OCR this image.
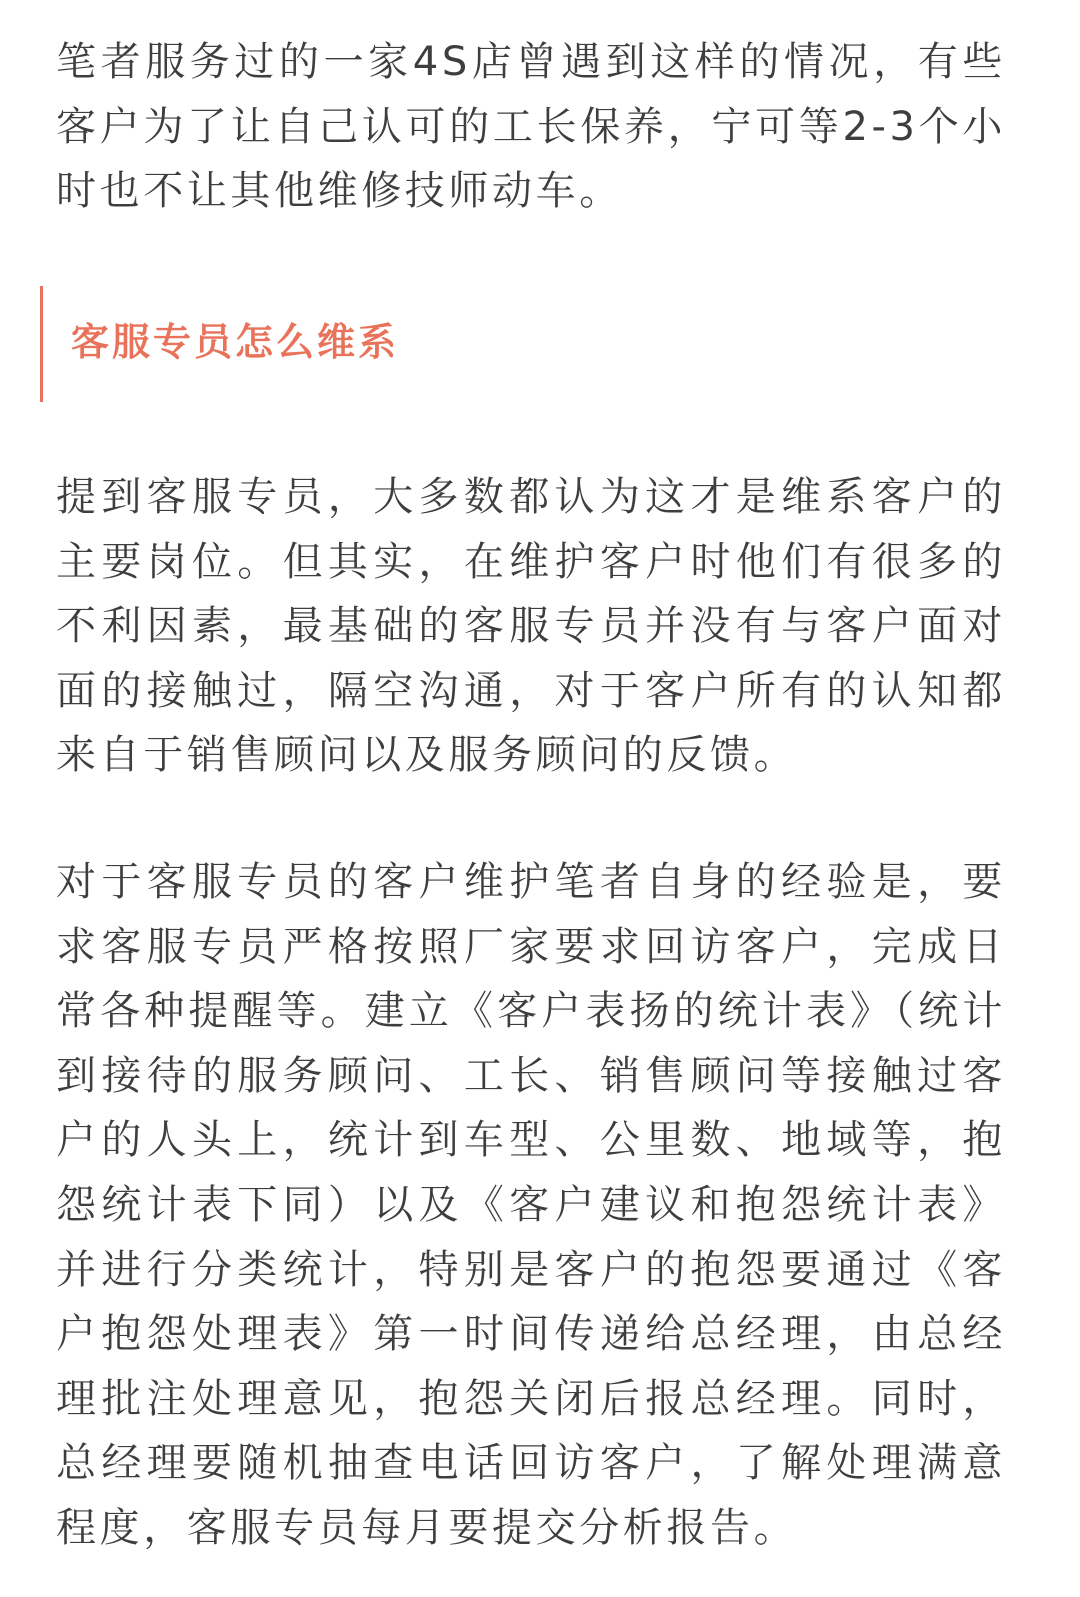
笔者服务过的一家4S店曾遇到这样的情况，有些客户为了让自己认可的工长保养，宁可等2-3个小时也不让其他维修技师动车。

客服专员怎么维系

提到客服专员，大多数都认为这才是维系客户的主要岗位。但其实，在维护客户时他们有很多的不利因素，最基础的客服专员并没有与客户面对面的接触过，隔空沟通，对于客户所有的认知都来自于销售顾问以及服务顾问的反馈。

对于客服专员的客户维护笔者自身的经验是，要求客服专员严格按照厂家要求回访客户，完成日常各种提醒等。建立《客户表扬的统计表》（统计到接待的服务顾问、工长、销售顾问等接触过客户的人头上，统计到车型、公里数、地域等，抱怨统计表下同）以及《客户建议和抱怨统计表》并进行分类统计，特别是客户的抱怨要通过《客户抱怨处理表》第一时间传递给总经理，由总经理批注处理意见，抱怨关闭后报总经理。同时，总经理要随机抽查电话回访客户，了解处理满意程度，客服专员每月要提交分析报告。
